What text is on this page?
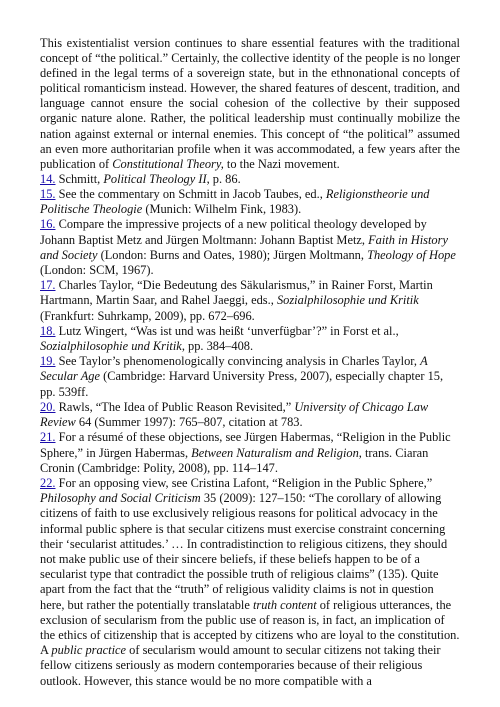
This existentialist version continues to share essential features with the traditional concept of “the political.” Certainly, the collective identity of the people is no longer defined in the legal terms of a sovereign state, but in the ethnonational concepts of political romanticism instead. However, the shared features of descent, tradition, and language cannot ensure the social cohesion of the collective by their supposed organic nature alone. Rather, the political leadership must continually mobilize the nation against external or internal enemies. This concept of “the political” assumed an even more authoritarian profile when it was accommodated, a few years after the publication of Constitutional Theory, to the Nazi movement.

14. Schmitt, Political Theology II, p. 86.

15. See the commentary on Schmitt in Jacob Taubes, ed., Religionstheorie und Politische Theologie (Munich: Wilhelm Fink, 1983).

16. Compare the impressive projects of a new political theology developed by Johann Baptist Metz and Jürgen Moltmann: Johann Baptist Metz, Faith in History and Society (London: Burns and Oates, 1980); Jürgen Moltmann, Theology of Hope (London: SCM, 1967).

17. Charles Taylor, “Die Bedeutung des Säkularismus,” in Rainer Forst, Martin Hartmann, Martin Saar, and Rahel Jaeggi, eds., Sozialphilosophie und Kritik (Frankfurt: Suhrkamp, 2009), pp. 672–696.

18. Lutz Wingert, “Was ist und was heißt ‘unverfügbar’?” in Forst et al., Sozialphilosophie und Kritik, pp. 384–408.

19. See Taylor’s phenomenologically convincing analysis in Charles Taylor, A Secular Age (Cambridge: Harvard University Press, 2007), especially chapter 15, pp. 539ff.

20. Rawls, “The Idea of Public Reason Revisited,” University of Chicago Law Review 64 (Summer 1997): 765–807, citation at 783.

21. For a résumé of these objections, see Jürgen Habermas, “Religion in the Public Sphere,” in Jürgen Habermas, Between Naturalism and Religion, trans. Ciaran Cronin (Cambridge: Polity, 2008), pp. 114–147.

22. For an opposing view, see Cristina Lafont, “Religion in the Public Sphere,” Philosophy and Social Criticism 35 (2009): 127–150: “The corollary of allowing citizens of faith to use exclusively religious reasons for political advocacy in the informal public sphere is that secular citizens must exercise constraint concerning their ‘secularist attitudes.’ … In contradistinction to religious citizens, they should not make public use of their sincere beliefs, if these beliefs happen to be of a secularist type that contradict the possible truth of religious claims” (135). Quite apart from the fact that the “truth” of religious validity claims is not in question here, but rather the potentially translatable truth content of religious utterances, the exclusion of secularism from the public use of reason is, in fact, an implication of the ethics of citizenship that is accepted by citizens who are loyal to the constitution. A public practice of secularism would amount to secular citizens not taking their fellow citizens seriously as modern contemporaries because of their religious outlook. However, this stance would be no more compatible with a
